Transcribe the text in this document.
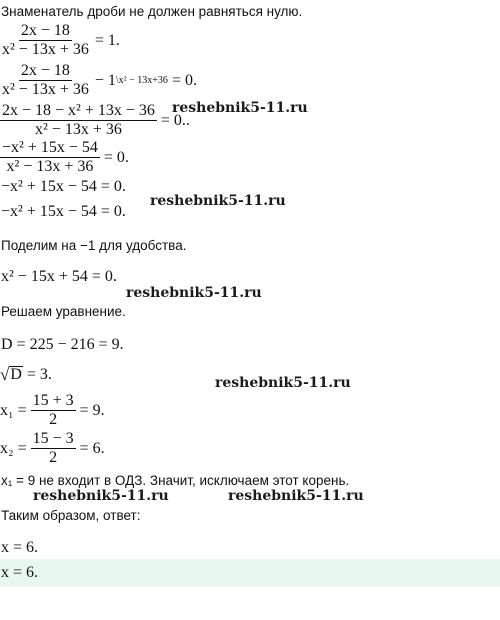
Знаменатель дроби не должен равняться нулю.
$\frac{2x - 18}{\text{x² − 13x + 36}} = 1$.
$\frac{2x - 18}{\text{x² − 13x + 36}} - 1$ \x² − 13x+36 = 0.
$\frac{\text{2x − 18 − x² + 13x − 36}}{\text{x² − 13x + 36}} = 0$..
$\frac{\text{−x² + 15x − 54}}{\text{x² − 13x + 36}} = 0$.
−x² + 15x − 54 = 0.
−x² + 15x − 54 = 0.
Поделим на −1 для удобства.
x² − 15x + 54 = 0.
Решаем уравнение.
D = 225 − 216 = 9.
√ D = 3.
$x_1 = \frac{15 + 3}{2} = 9$.
$x_2 = \frac{15 - 3}{2} = 6$.
x₁ = 9 не входит в ОДЗ. Значит, исключаем этот корень.
Таким образом, ответ:
x = 6.
x = 6.
reshebnik5-11.ru
reshebnik5-11.ru
reshebnik5-11.ru
reshebnik5-11.ru
reshebnik5-11.ru	reshebnik5-11.ru
